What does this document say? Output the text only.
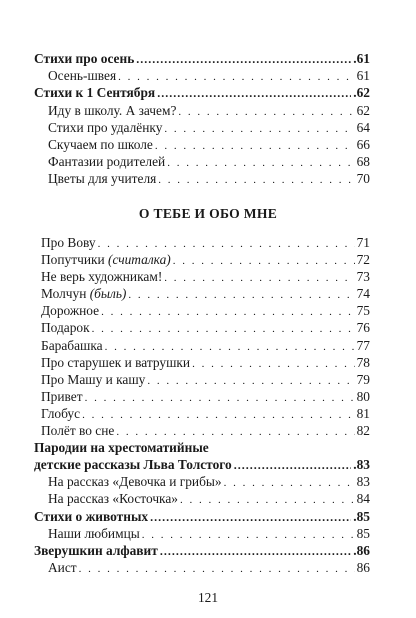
Стихи про осень .....	.61
Осень-швея . . .	61
Стихи к 1 Сентября .....	.62
Иду в школу. А зачем? . . .	62
Стихи про удалёнку . . .	64
Скучаем по школе . . .	66
Фантазии родителей . . .	68
Цветы для учителя . . .	70
О ТЕБЕ И ОБО МНЕ
Про Вову . . .	71
Попутчики (считалка) . . .	72
Не верь художникам! . . .	73
Молчун (быль) . . .	74
Дорожное . . .	75
Подарок . . .	76
Барабашка . . .	77
Про старушек и ватрушки . . .	78
Про Машу и кашу . . .	79
Привет . . .	80
Глобус . . .	81
Полёт во сне . . .	82
Пародии на хрестоматийные
детские рассказы Льва Толстого .....	.83
На рассказ «Девочка и грибы» . . .	83
На рассказ «Косточка» . . .	84
Стихи о животных .....	.85
Наши любимцы . . .	85
Зверушкин алфавит .....	.86
Аист . . .	86
121
